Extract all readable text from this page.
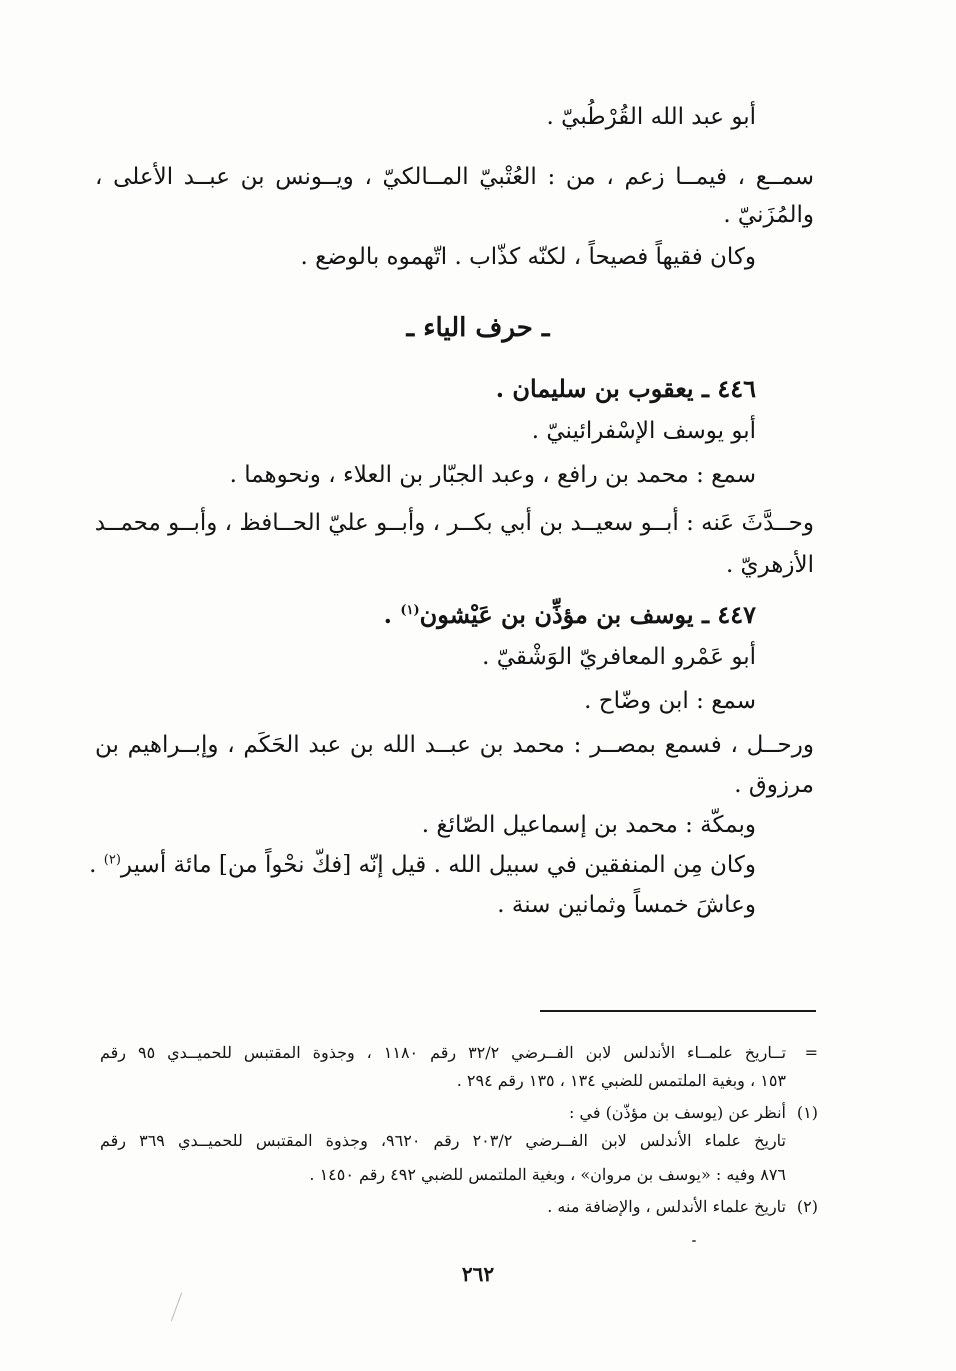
أبو عبد الله القُرْطُبيّ .
سمــع ، فيمــا زعم ، من : العُتْبيّ المــالكيّ ، ويــونس بن عبــد الأعلى ،
والمُزَنيّ .
وكان فقيهاً فصيحاً ، لكنّه كذّاب . اتّهموه بالوضع .
ـ حرف الياء ـ
٤٤٦ ـ يعقوب بن سليمان .
أبو يوسف الإسْفرائينيّ .
سمع : محمد بن رافع ، وعبد الجبّار بن العلاء ، ونحوهما .
وحــدَّثَ عَنه : أبــو سعيــد بن أبي بكــر ، وأبــو عليّ الحــافظ ، وأبــو محمــد
الأزهريّ .
٤٤٧ ـ يوسف بن مؤذِّن بن عَيْشون$^{(١)}$ .
أبو عَمْرو المعافريّ الوَشْقيّ .
سمع : ابن وضّاح .
ورحــل ، فسمع بمصــر : محمد بن عبــد الله بن عبد الحَكَم ، وإبــراهيم بن
مرزوق .
وبمكّة : محمد بن إسماعيل الصّائغ .
وكان مِن المنفقين في سبيل الله . قيل إنّه [فكّ نحْواً من] مائة أسير$^{(٢)}$ .
وعاشَ خمساً وثمانين سنة .
=
تــاريخ علمــاء الأندلس لابن الفــرضي ٣٢/٢ رقم ١١٨٠ ، وجذوة المقتبس للحميــدي ٩٥ رقم
١٥٣ ، وبغية الملتمس للضبي ١٣٤ ، ١٣٥ رقم ٢٩٤ .
(١)
أنظر عن (يوسف بن مؤذّن) في :
تاريخ علماء الأندلس لابن الفــرضي ٢٠٣/٢ رقم ٩٦٢٠، وجذوة المقتبس للحميــدي ٣٦٩ رقم
٨٧٦ وفيه : «يوسف بن مروان» ، وبغية الملتمس للضبي ٤٩٢ رقم ١٤٥٠ .
(٢)
تاريخ علماء الأندلس ، والإضافة منه .
٢٦٢
